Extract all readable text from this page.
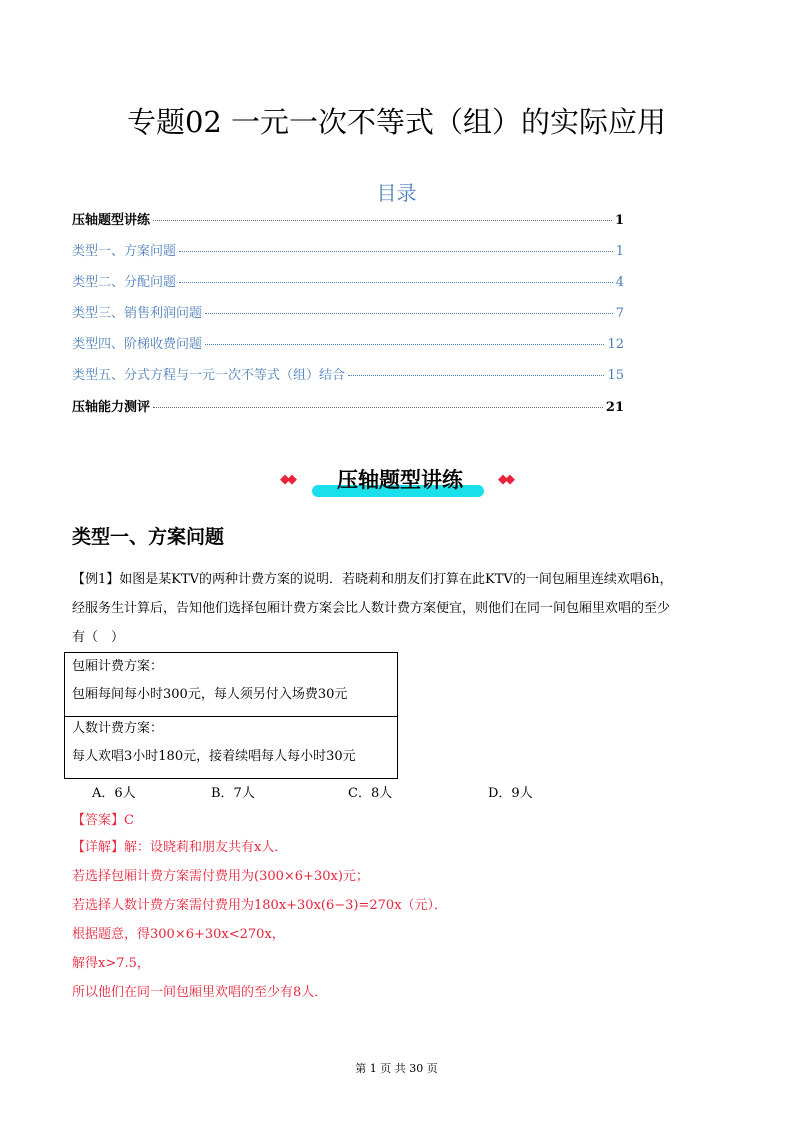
专题02 一元一次不等式（组）的实际应用
目录
压轴题型讲练	1
类型一、方案问题	1
类型二、分配问题	4
类型三、销售利润问题	7
类型四、阶梯收费问题	12
类型五、分式方程与一元一次不等式（组）结合	15
压轴能力测评	21
◆◆	压轴题型讲练	◆◆
类型一、方案问题
【例1】如图是某KTV的两种计费方案的说明．若晓莉和朋友们打算在此KTV的一间包厢里连续欢唱6h，
经服务生计算后，告知他们选择包厢计费方案会比人数计费方案便宜，则他们在同一间包厢里欢唱的至少
有（　）
包厢计费方案：
包厢每间每小时300元，每人须另付入场费30元
人数计费方案：
每人欢唱3小时180元，接着续唱每人每小时30元
A．6人	B．7人	C．8人	D．9人
【答案】C
【详解】解：设晓莉和朋友共有x人．
若选择包厢计费方案需付费用为(300×6+30x)元；
若选择人数计费方案需付费用为180x+30x(6−3)=270x（元）．
根据题意，得300×6+30x<270x，
解得x>7.5，
所以他们在同一间包厢里欢唱的至少有8人．
第 1 页 共 30 页
